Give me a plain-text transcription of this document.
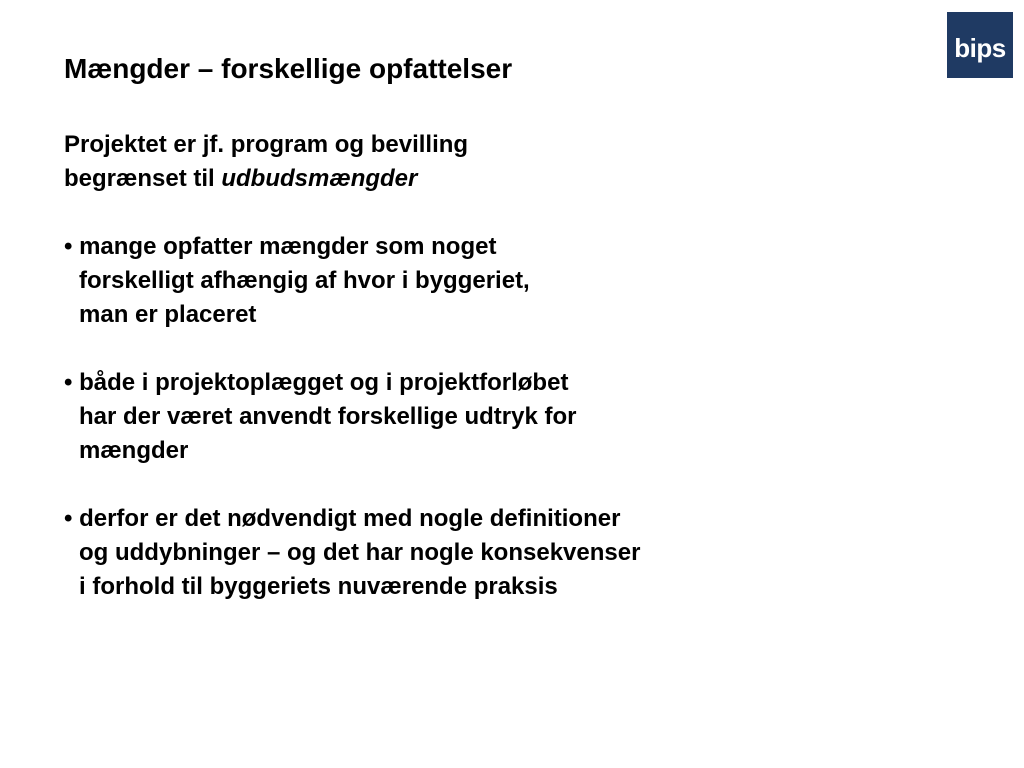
bips
Mængder – forskellige opfattelser
Projektet er jf. program og bevilling
begrænset til udbudsmængder
• mange opfatter mængder som noget
forskelligt afhængig af hvor i byggeriet,
man er placeret
• både i projektoplægget og i projektforløbet
har der været anvendt forskellige udtryk for
mængder
• derfor er det nødvendigt med nogle definitioner
og uddybninger – og det har nogle konsekvenser
i forhold til byggeriets nuværende praksis
